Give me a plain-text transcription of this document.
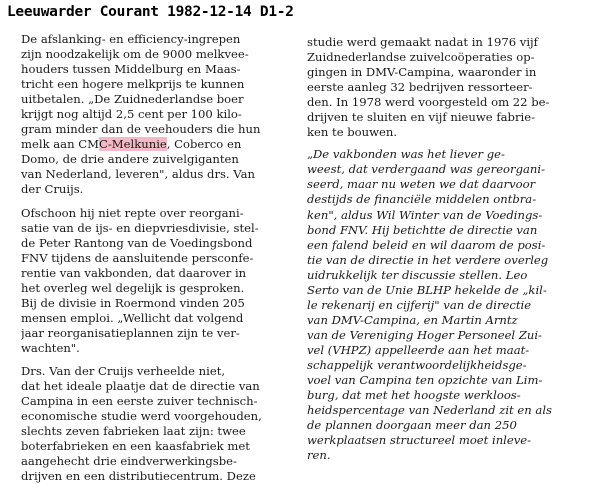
Leeuwarder Courant 1982-12-14 D1-2

De afslanking- en efficiency-ingrepen
zijn noodzakelijk om de 9000 melkvee-
houders tussen Middelburg en Maas-
tricht een hogere melkprijs te kunnen
uitbetalen. „De Zuidnederlandse boer
krijgt nog altijd 2,5 cent per 100 kilo-
gram minder dan de veehouders die hun
melk aan CMC-Melkunie, Coberco en
Domo, de drie andere zuivelgiganten
van Nederland, leveren", aldus drs. Van
der Cruijs.

Ofschoon hij niet repte over reorgani-
satie van de ijs- en diepvriesdivisie, stel-
de Peter Rantong van de Voedingsbond
FNV tijdens de aansluitende persconfe-
rentie van vakbonden, dat daarover in
het overleg wel degelijk is gesproken.
Bij de divisie in Roermond vinden 205
mensen emploi. „Wellicht dat volgend
jaar reorganisatieplannen zijn te ver-
wachten".

Drs. Van der Cruijs verheelde niet,
dat het ideale plaatje dat de directie van
Campina in een eerste zuiver technisch-
economische studie werd voorgehouden,
slechts zeven fabrieken laat zijn: twee
boterfabrieken en een kaasfabriek met
aangehecht drie eindverwerkingsbe-
drijven en een distributiecentrum. Deze

studie werd gemaakt nadat in 1976 vijf
Zuidnederlandse zuivelcoöperaties op-
gingen in DMV-Campina, waaronder in
eerste aanleg 32 bedrijven ressorteer-
den. In 1978 werd voorgesteld om 22 be-
drijven te sluiten en vijf nieuwe fabrie-
ken te bouwen.

„De vakbonden was het liever ge-
weest, dat verdergaand was gereorgani-
seerd, maar nu weten we dat daarvoor
destijds de financiële middelen ontbra-
ken", aldus Wil Winter van de Voedings-
bond FNV. Hij betichtte de directie van
een falend beleid en wil daarom de posi-
tie van de directie in het verdere overleg
uidrukkelijk ter discussie stellen. Leo
Serto van de Unie BLHP hekelde de „kil-
le rekenarij en cijferij" van de directie
van DMV-Campina, en Martin Arntz
van de Vereniging Hoger Personeel Zui-
vel (VHPZ) appelleerde aan het maat-
schappelijk verantwoordelijkheidsge-
voel van Campina ten opzichte van Lim-
burg, dat met het hoogste werkloos-
heidspercentage van Nederland zit en als
de plannen doorgaan meer dan 250
werkplaatsen structureel moet inleve-
ren.
